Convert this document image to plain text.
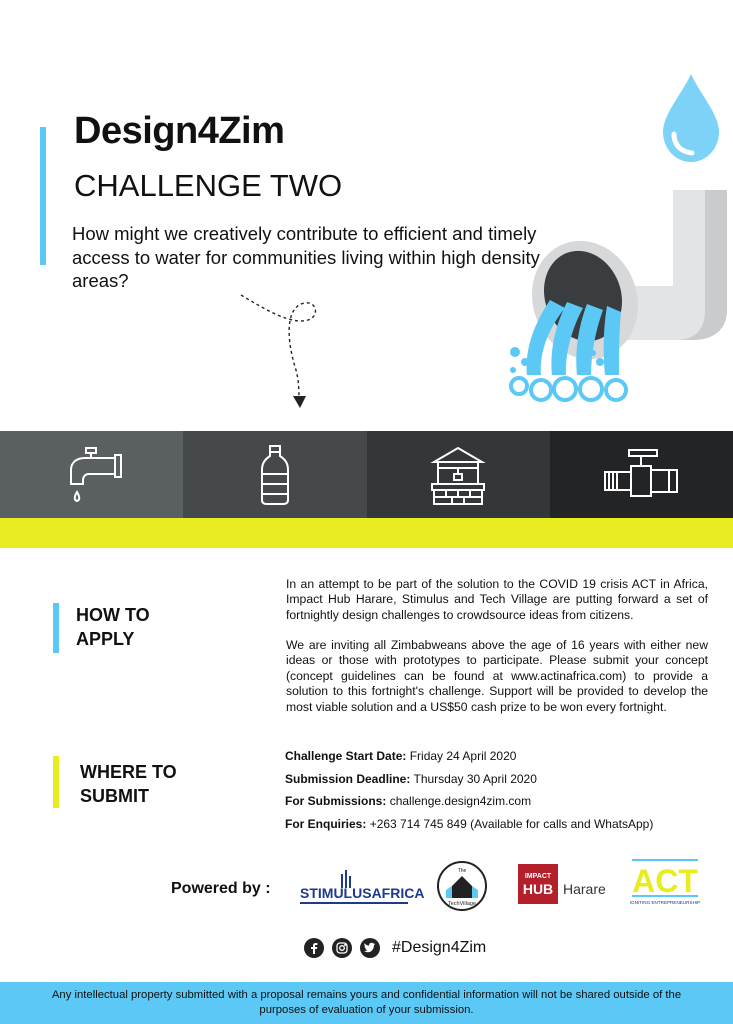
Design4Zim
CHALLENGE TWO

How might we creatively contribute to efficient and timely access to water for communities living within high density areas?

HOW TO
APPLY

In an attempt to be part of the solution to the COVID 19 crisis ACT in Africa, Impact Hub Harare, Stimulus and Tech Village are putting forward a set of fortnightly design challenges to crowdsource ideas from citizens.

We are inviting all Zimbabweans above the age of 16 years with either new ideas or those with prototypes to participate. Please submit your concept (concept guidelines can be found at www.actinafrica.com) to provide a solution to this fortnight's challenge. Support will be provided to develop the most viable solution and a US$50 cash prize to be won every fortnight.

WHERE TO
SUBMIT
Challenge Start Date: Friday 24 April 2020
Submission Deadline: Thursday 30 April 2020
For Submissions: challenge.design4zim.com
For Enquiries: +263 714 745 849 (Available for calls and WhatsApp)
Powered by : STIMULUSAFRICA
The
TechVillage
IMPACT
HUB Harare ACT
IGNITING ENTREPRENEURSHIP
#Design4Zim

Any intellectual property submitted with a proposal remains yours and confidential information will not be shared outside of the purposes of evaluation of your submission.
